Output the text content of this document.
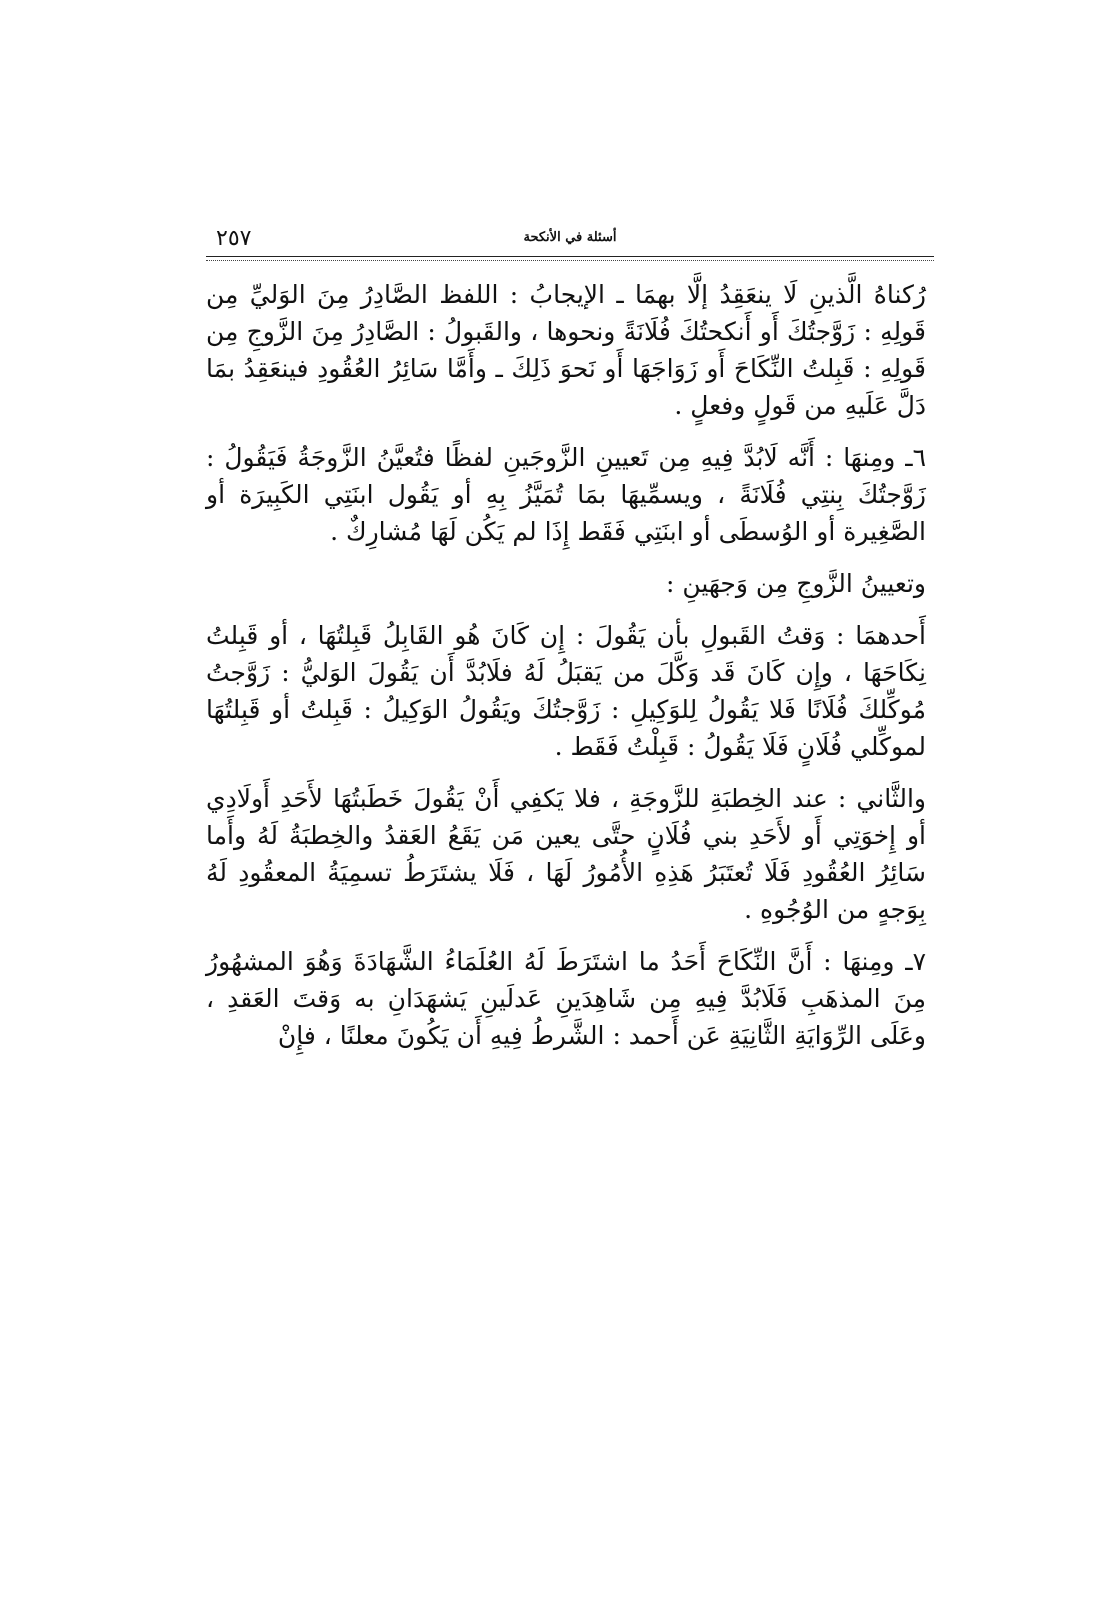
٢٥٧	أسئلة في الأنكحة

رُكناهُ الَّذينِ لَا ينعَقِدُ إلَّا بهمَا ـ الإيجابُ : اللفظ الصَّادِرُ مِنَ الوَليِّ مِن قَولِهِ : زَوَّجتُكَ أَو أَنكحتُكَ فُلَانَةً ونحوها ، والقَبولُ : الصَّادِرُ مِنَ الزَّوجِ مِن قَولِهِ : قَبِلتُ النِّكَاحَ أَو زَوَاجَهَا أَو نَحوَ ذَلِكَ ـ وأَمَّا سَائِرُ العُقُودِ فينعَقِدُ بمَا دَلَّ عَلَيهِ من قَولٍ وفعلٍ .

٦ـ ومِنهَا : أَنَّه لَابُدَّ فِيهِ مِن تَعيينِ الزَّوجَينِ لفظًا فتُعيَّنُ الزَّوجَةُ فَيَقُولُ : زَوَّجتُكَ بِنتِي فُلَانَةً ، ويسمِّيهَا بمَا تُمَيَّزُ بِهِ أو يَقُول ابنَتِي الكَبِيرَة أو الصَّغِيرة أو الوُسطَى أو ابنَتِي فَقَط إِذَا لم يَكُن لَهَا مُشارِكٌ .

وتعيينُ الزَّوجِ مِن وَجهَينِ :

أَحدهمَا : وَقتُ القَبولِ بأن يَقُولَ : إِن كَانَ هُو القَابِلُ قَبِلتُهَا ، أو قَبِلتُ نِكَاحَهَا ، وإِن كَانَ قَد وَكَّلَ من يَقبَلُ لَهُ فلَابُدَّ أَن يَقُولَ الوَليُّ : زَوَّجتُ مُوكِّلكَ فُلَانًا فَلا يَقُولُ لِلوَكِيلِ : زَوَّجتُكَ ويَقُولُ الوَكِيلُ : قَبِلتُ أو قَبِلتُهَا لموكِّلي فُلَانٍ فَلَا يَقُولُ : قَبِلْتُ فَقَط .

والثَّاني : عند الخِطبَةِ للزَّوجَةِ ، فلا يَكفِي أَنْ يَقُولَ خَطَبتُهَا لأَحَدِ أَولَادِي أو إِخوَتِي أَو لأَحَدِ بني فُلَانٍ حتَّى يعين مَن يَقَعُ العَقدُ والخِطبَةُ لَهُ وأَما سَائِرُ العُقُودِ فَلَا تُعتَبَرُ هَذِهِ الأُمُورُ لَهَا ، فَلَا يشتَرَطُ تسمِيَةُ المعقُودِ لَهُ بِوَجهٍ من الوُجُوهِ .

٧ـ ومِنهَا : أَنَّ النِّكَاحَ أَحَدُ ما اشتَرَطَ لَهُ العُلَمَاءُ الشَّهَادَةَ وَهُوَ المشهُورُ مِنَ المذهَبِ فَلَابُدَّ فِيهِ مِن شَاهِدَينِ عَدلَينِ يَشهَدَانِ به وَقتَ العَقدِ ، وعَلَى الرِّوَايَةِ الثَّانِيَةِ عَن أَحمد : الشَّرطُ فِيهِ أَن يَكُونَ معلنًا ، فإِنْ
